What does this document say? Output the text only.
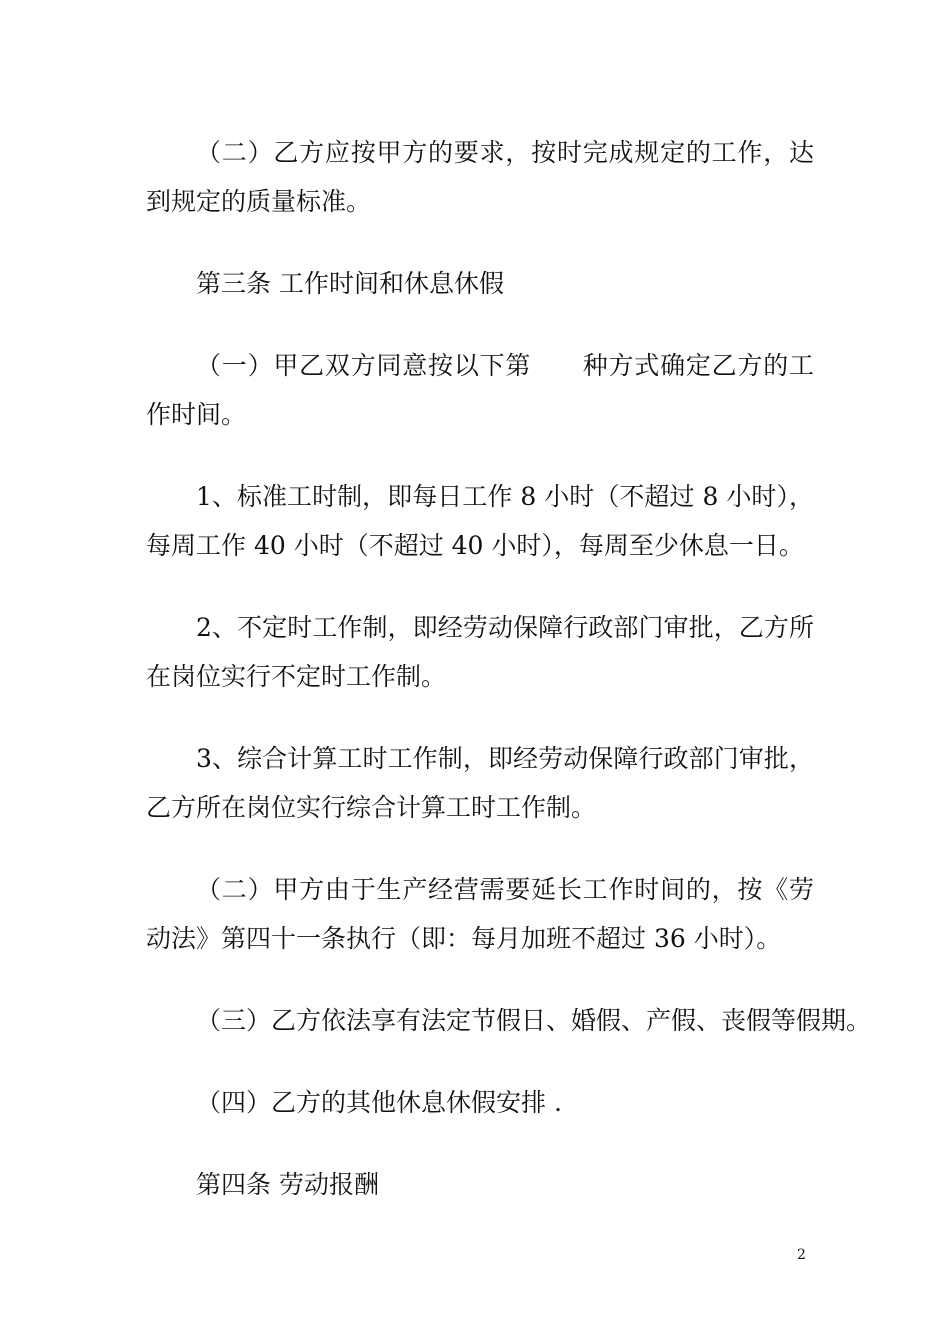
（二）乙方应按甲方的要求，按时完成规定的工作，达到规定的质量标准。

第三条 工作时间和休息休假

（一）甲乙双方同意按以下第　　种方式确定乙方的工作时间。

1、标准工时制，即每日工作 8 小时（不超过 8 小时），每周工作 40 小时（不超过 40 小时），每周至少休息一日。

2、不定时工作制，即经劳动保障行政部门审批，乙方所在岗位实行不定时工作制。

3、综合计算工时工作制，即经劳动保障行政部门审批，乙方所在岗位实行综合计算工时工作制。

（二）甲方由于生产经营需要延长工作时间的，按《劳动法》第四十一条执行（即：每月加班不超过 36 小时）。

（三）乙方依法享有法定节假日、婚假、产假、丧假等假期。

（四）乙方的其他休息休假安排 .

第四条 劳动报酬

2
